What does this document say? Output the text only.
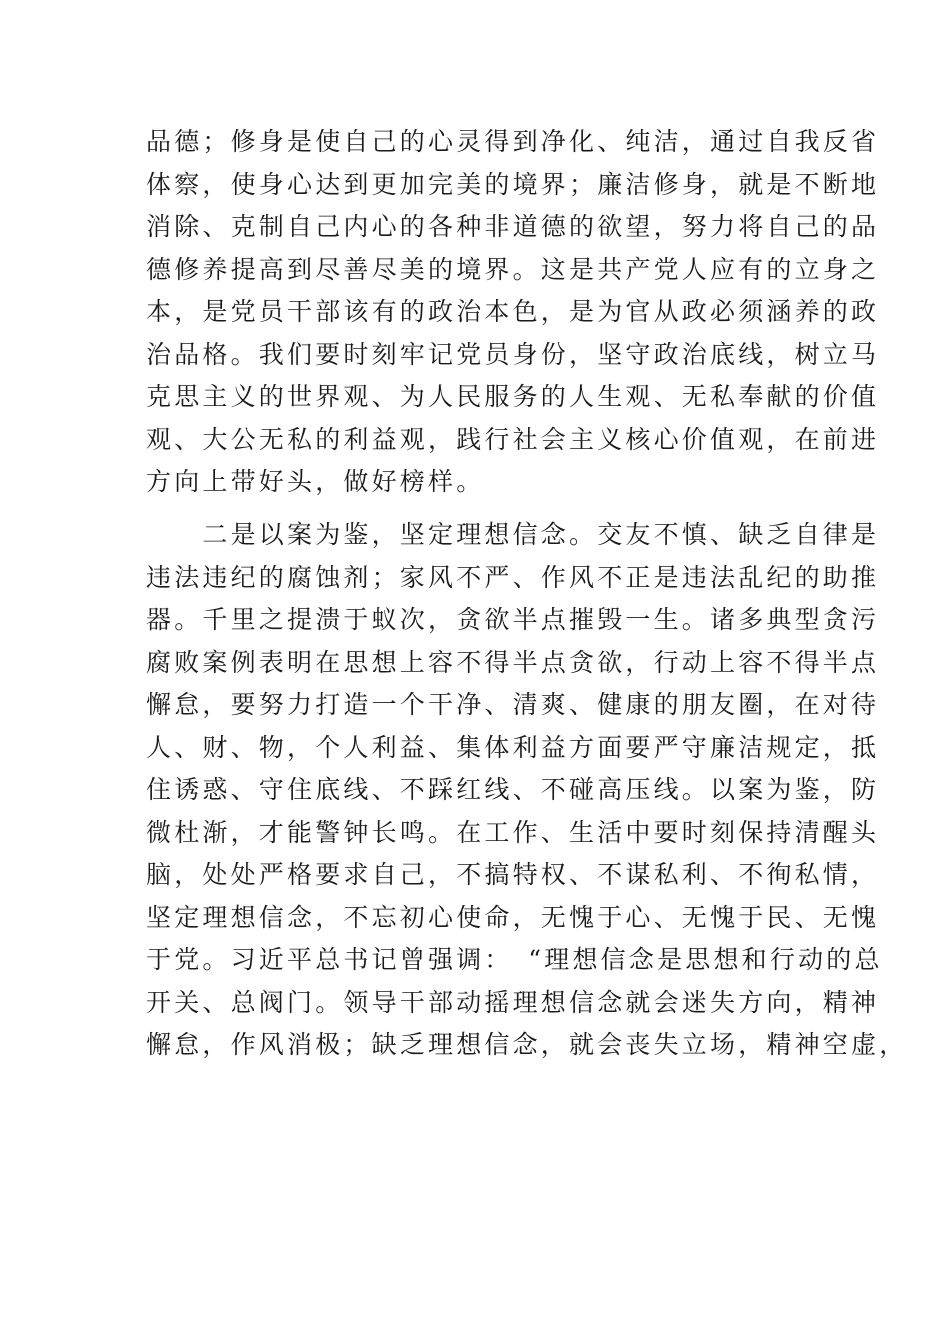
品德；修身是使自己的心灵得到净化、纯洁，通过自我反省
体察，使身心达到更加完美的境界；廉洁修身，就是不断地
消除、克制自己内心的各种非道德的欲望，努力将自己的品
德修养提高到尽善尽美的境界。这是共产党人应有的立身之
本，是党员干部该有的政治本色，是为官从政必须涵养的政
治品格。我们要时刻牢记党员身份，坚守政治底线，树立马
克思主义的世界观、为人民服务的人生观、无私奉献的价值
观、大公无私的利益观，践行社会主义核心价值观，在前进
方向上带好头，做好榜样。
　　二是以案为鉴，坚定理想信念。交友不慎、缺乏自律是
违法违纪的腐蚀剂；家风不严、作风不正是违法乱纪的助推
器。千里之提溃于蚁次，贪欲半点摧毁一生。诸多典型贪污
腐败案例表明在思想上容不得半点贪欲，行动上容不得半点
懈怠，要努力打造一个干净、清爽、健康的朋友圈，在对待
人、财、物，个人利益、集体利益方面要严守廉洁规定，抵
住诱惑、守住底线、不踩红线、不碰高压线。以案为鉴，防
微杜渐，才能警钟长鸣。在工作、生活中要时刻保持清醒头
脑，处处严格要求自己，不搞特权、不谋私利、不徇私情，
坚定理想信念，不忘初心使命，无愧于心、无愧于民、无愧
于党。习近平总书记曾强调：　“理想信念是思想和行动的总
开关、总阀门。领导干部动摇理想信念就会迷失方向，精神
懈怠，作风消极；缺乏理想信念，就会丧失立场，精神空虚，
